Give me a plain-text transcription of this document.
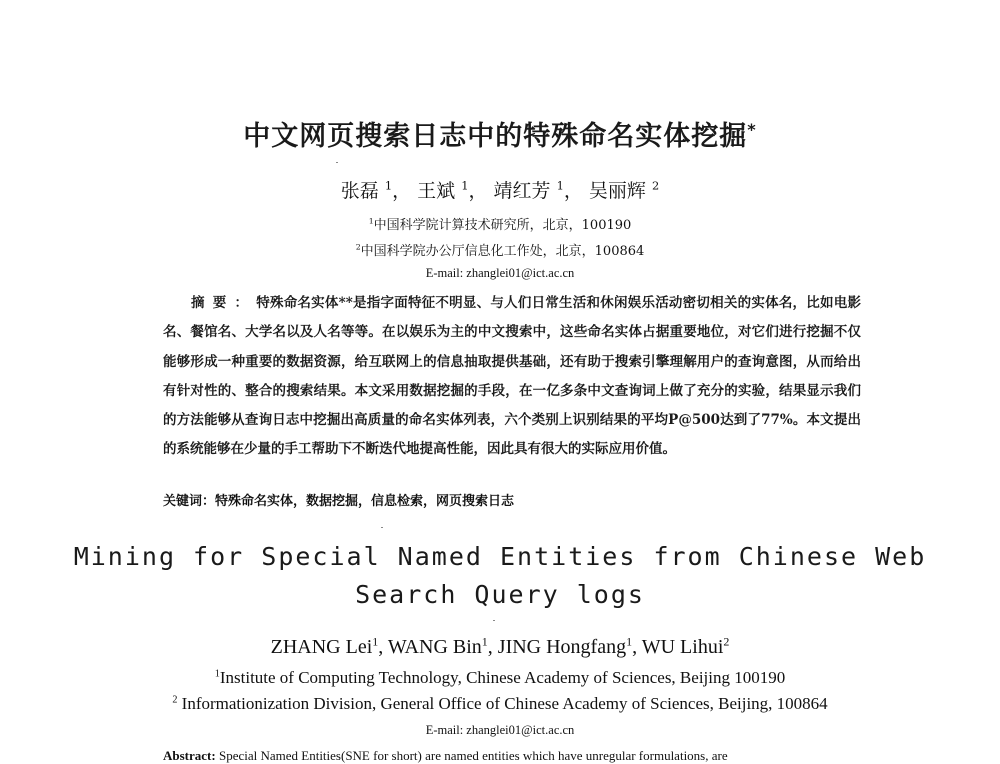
中文网页搜索日志中的特殊命名实体挖掘*
张磊 $^1$， 王斌 $^1$， 靖红芳 $^1$， 吴丽辉 $^2$
$^1$中国科学院计算技术研究所，北京，100190
$^2$中国科学院办公厅信息化工作处，北京，100864
E-mail: zhanglei01@ict.ac.cn
摘要：特殊命名实体**是指字面特征不明显、与人们日常生活和休闲娱乐活动密切相关的实体名，比如电影名、餐馆名、大学名以及人名等等。在以娱乐为主的中文搜索中，这些命名实体占据重要地位，对它们进行挖掘不仅能够形成一种重要的数据资源，给互联网上的信息抽取提供基础，还有助于搜索引擎理解用户的查询意图，从而给出有针对性的、整合的搜索结果。本文采用数据挖掘的手段，在一亿多条中文查询词上做了充分的实验，结果显示我们的方法能够从查询日志中挖掘出高质量的命名实体列表，六个类别上识别结果的平均P@500达到了77%。本文提出的系统能够在少量的手工帮助下不断迭代地提高性能，因此具有很大的实际应用价值。
关键词：特殊命名实体，数据挖掘，信息检索，网页搜索日志
Mining for Special Named Entities from Chinese Web
Search Query logs
ZHANG Lei$^1$, WANG Bin$^1$, JING Hongfang$^1$, WU Lihui$^2$
$^1$Institute of Computing Technology, Chinese Academy of Sciences, Beijing 100190
$^2$ Informationization Division, General Office of Chinese Academy of Sciences, Beijing, 100864
E-mail: zhanglei01@ict.ac.cn
Abstract: Special Named Entities(SNE for short) are named entities which have unregular formulations, are
